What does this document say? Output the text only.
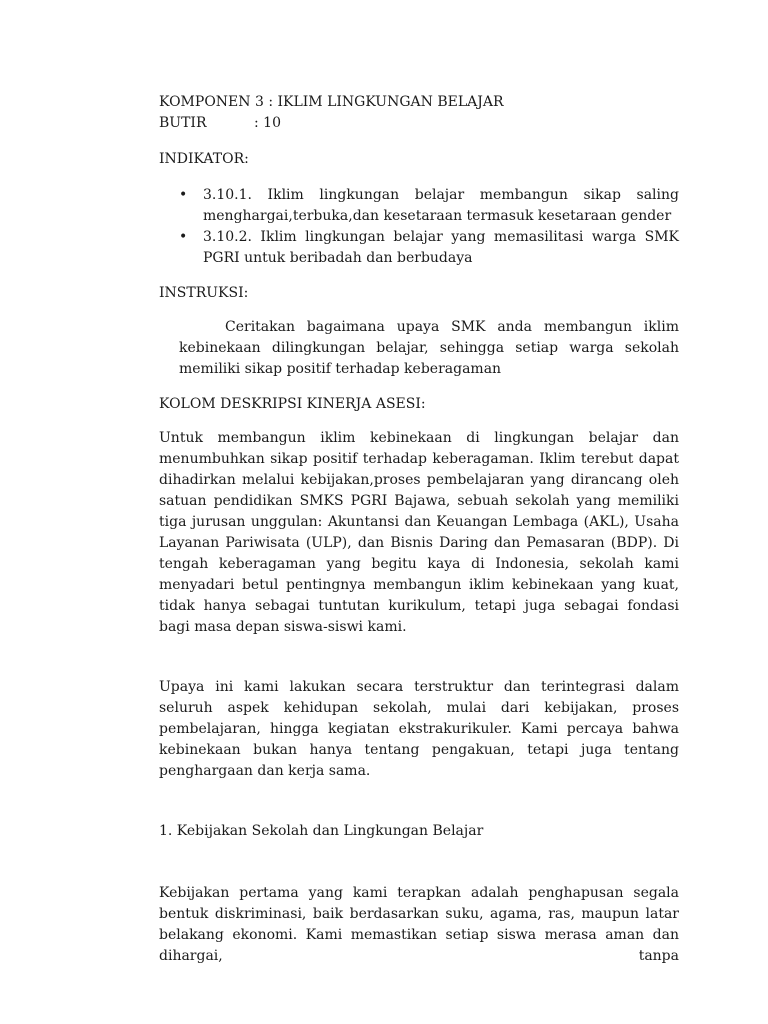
KOMPONEN 3 : IKLIM LINGKUNGAN BELAJAR
BUTIR	: 10
INDIKATOR:
• 3.10.1. Iklim lingkungan belajar membangun sikap saling menghargai,terbuka,dan kesetaraan termasuk kesetaraan gender
• 3.10.2. Iklim lingkungan belajar yang memasilitasi warga SMK PGRI untuk beribadah dan berbudaya
INSTRUKSI:

Ceritakan bagaimana upaya SMK anda membangun iklim kebinekaan dilingkungan belajar, sehingga setiap warga sekolah memiliki sikap positif terhadap keberagaman

KOLOM DESKRIPSI KINERJA ASESI:

Untuk membangun iklim kebinekaan di lingkungan belajar dan menumbuhkan sikap positif terhadap keberagaman. Iklim terebut dapat dihadirkan melalui kebijakan,proses pembelajaran yang dirancang oleh satuan pendidikan SMKS PGRI Bajawa, sebuah sekolah yang memiliki tiga jurusan unggulan: Akuntansi dan Keuangan Lembaga (AKL), Usaha Layanan Pariwisata (ULP), dan Bisnis Daring dan Pemasaran (BDP). Di tengah keberagaman yang begitu kaya di Indonesia, sekolah kami menyadari betul pentingnya membangun iklim kebinekaan yang kuat, tidak hanya sebagai tuntutan kurikulum, tetapi juga sebagai fondasi bagi masa depan siswa-siswi kami.

Upaya ini kami lakukan secara terstruktur dan terintegrasi dalam seluruh aspek kehidupan sekolah, mulai dari kebijakan, proses pembelajaran, hingga kegiatan ekstrakurikuler. Kami percaya bahwa kebinekaan bukan hanya tentang pengakuan, tetapi juga tentang penghargaan dan kerja sama.

1. Kebijakan Sekolah dan Lingkungan Belajar

Kebijakan pertama yang kami terapkan adalah penghapusan segala bentuk diskriminasi, baik berdasarkan suku, agama, ras, maupun latar belakang ekonomi. Kami memastikan setiap siswa merasa aman dan dihargai, tanpa
